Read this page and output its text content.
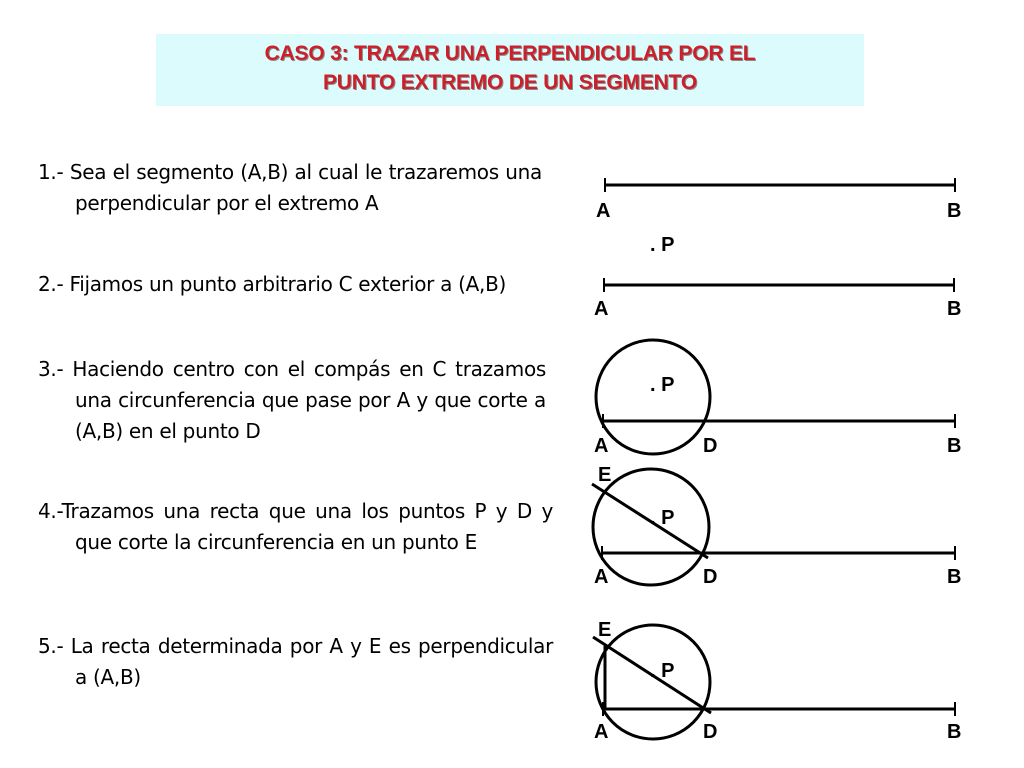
CASO 3: TRAZAR UNA PERPENDICULAR POR EL
PUNTO EXTREMO DE UN SEGMENTO
1.- Sea el segmento (A,B) al cual le trazaremos una perpendicular por el extremo A
2.- Fijamos un punto arbitrario C exterior a (A,B)
3.- Haciendo centro con el compás en C trazamos una circunferencia que pase por A y que corte a (A,B) en el punto D
4.-Trazamos una recta que una los puntos P y D y que corte la circunferencia en un punto E
5.- La recta determinada por A y E es perpendicular a (A,B)
A	B
. P
A	B
. P
A	D	B
E
. P
A	D	B
E
. P
A	D	B
